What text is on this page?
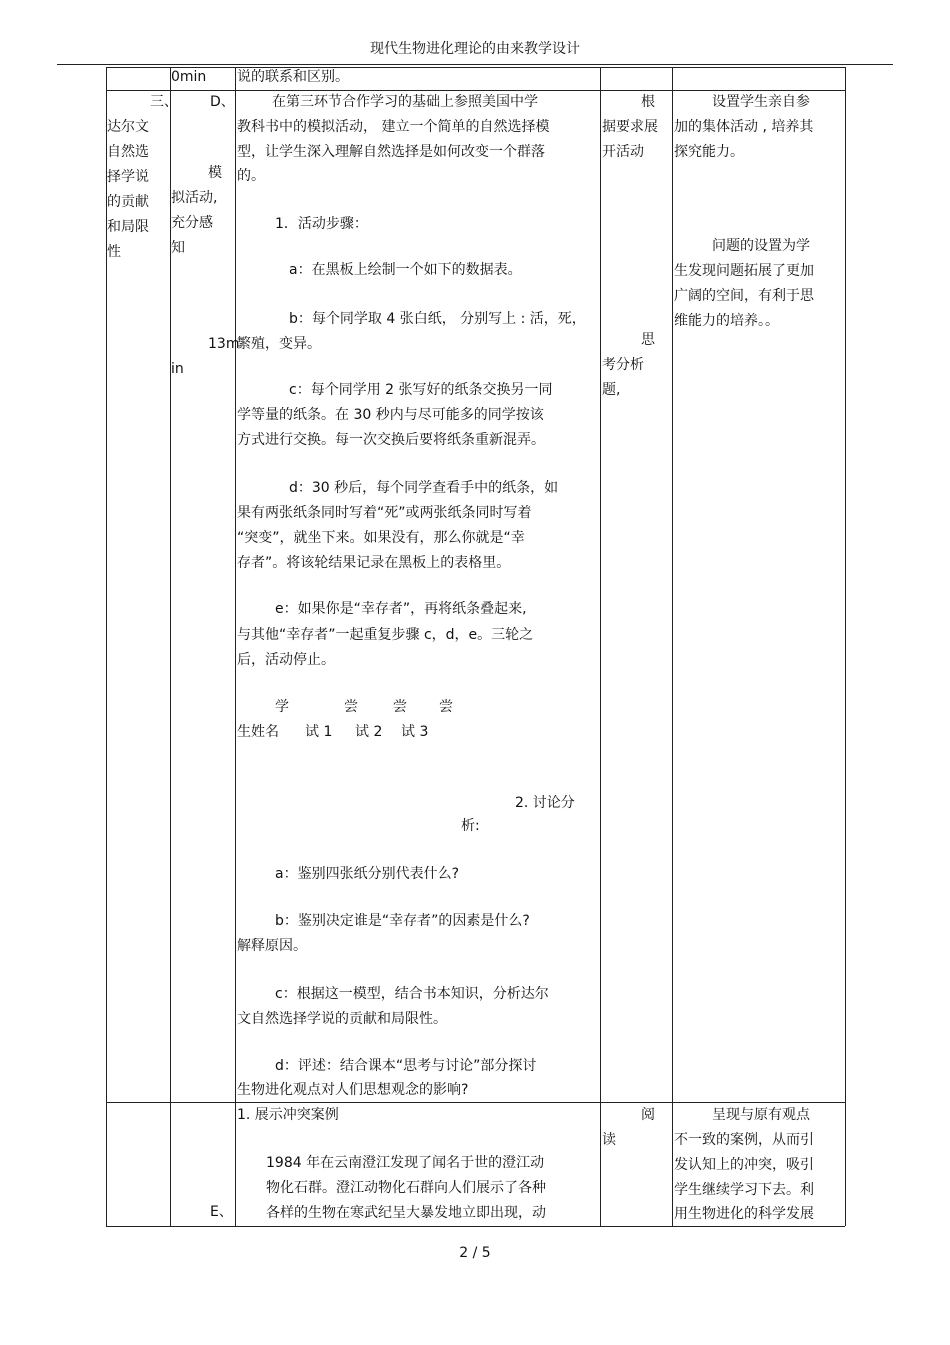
现代生物进化理论的由来教学设计
0min 说的联系和区别。
三、
达尔文
自然选
择学说
的贡献
和局限
性
D、
模
拟活动,
充分感
知
13m
in
在第三环节合作学习的基础上参照美国中学
教科书中的模拟活动， 建立一个简单的自然选择模
型，让学生深入理解自然选择是如何改变一个群落
的。
1．活动步骤：
a：在黑板上绘制一个如下的数据表。
b：每个同学取 4 张白纸， 分别写上 : 活，死，
繁殖，变异。
c：每个同学用 2 张写好的纸条交换另一同
学等量的纸条。在 30 秒内与尽可能多的同学按该
方式进行交换。每一次交换后要将纸条重新混弄。
d：30 秒后，每个同学查看手中的纸条，如
果有两张纸条同时写着“死”或两张纸条同时写着
“突变”，就坐下来。如果没有，那么你就是“幸
存者”。将该轮结果记录在黑板上的表格里。
e：如果你是“幸存者”，再将纸条叠起来,
与其他“幸存者”一起重复步骤 c，d，e。三轮之
后，活动停止。
学	尝	尝 尝
生姓名 试 1 试 2 试 3
2. 讨论分
析:
a：鉴别四张纸分别代表什么?
b：鉴别决定谁是“幸存者”的因素是什么?
解释原因。
c：根据这一模型，结合书本知识，分析达尔
文自然选择学说的贡献和局限性。
d：评述：结合课本“思考与讨论”部分探讨
生物进化观点对人们思想观念的影响?
根
据要求展
开活动
思
考分析
题,
设置学生亲自参
加的集体活动 , 培养其
探究能力。
问题的设置为学
生发现问题拓展了更加
广阔的空间，有利于思
维能力的培养。。
E、
1. 展示冲突案例
1984 年在云南澄江发现了闻名于世的澄江动
物化石群。澄江动物化石群向人们展示了各种
各样的生物在寒武纪呈大暴发地立即出现，动
阅
读
呈现与原有观点
不一致的案例，从而引
发认知上的冲突，吸引
学生继续学习下去。利
用生物进化的科学发展
2 / 5
